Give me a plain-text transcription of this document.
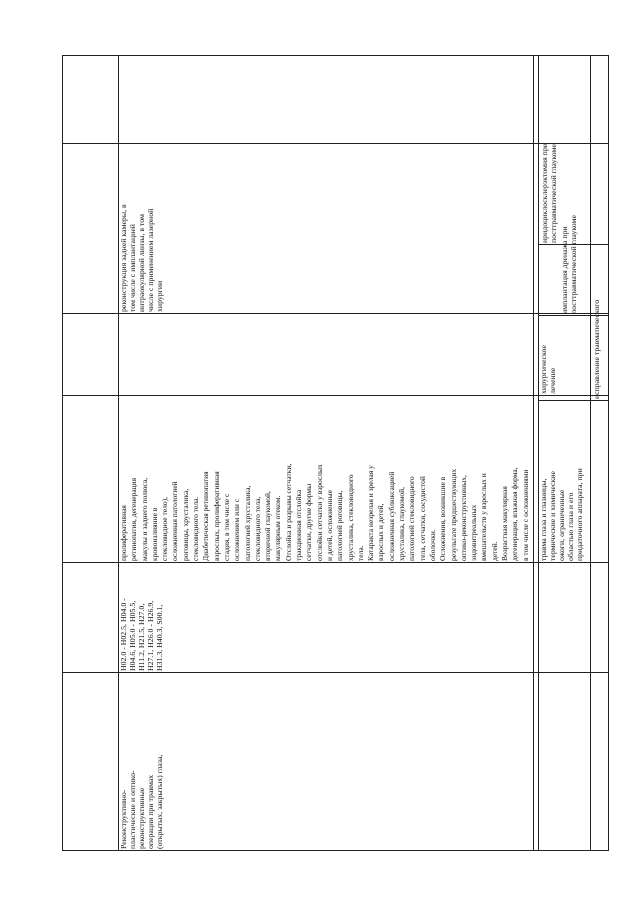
реконструкция задней камеры, в том числе с имплантацией интраокулярной линзы, в том числе с применением лазерной хирургии
Реконструктивно- пластические и оптико- реконструктивные операции при травмах (открытых, закрытых) глаза,
H02.0 - H02.5, H04.0 - H04.6, H05.0 - H05.5, H11.2, H21.5, H27.0, H27.1, H26.0 - H26.9, H31.3, H40.3, S00.1,
пролиферативная ретинопатия, дегенерация макулы и заднего полюса, кровоизлияние в стекловидное тело), осложненная патологией роговицы, хрусталика, стекловидного тела. Диабетическая ретинопатия взрослых, пролиферативная стадия, в том числе с осложнением или с патологией хрусталика, стекловидного тела, вторичной глаукомой, макулярным отеком. Отслойка и разрывы сетчатки, тракционная отслойка сетчатки, другие формы отслойки сетчатки у взрослых и детей, осложненные патологией роговицы, хрусталика, стекловидного тела. Катаракта незрелая и зрелая у взрослых и детей, осложненная сублюксацией хрусталика, глаукомой, патологией стекловидного тела, сетчатки, сосудистой оболочки. Осложнения, возникшие в результате предшествующих оптико-реконструктивных, эндовитреальных вмешательств у взрослых и детей. Возрастная макулярная дегенерация, влажная форма, в том числе с осложнениями травма глаза и глазницы, термические и химические ожоги, ограниченные областью глаза и его придаточного аппарата, при
хирургическое лечение
иридоциклосклерэктомия при посттравматической глаукоме
имплантация дренажа при посттравматической глаукоме
исправление травматического
